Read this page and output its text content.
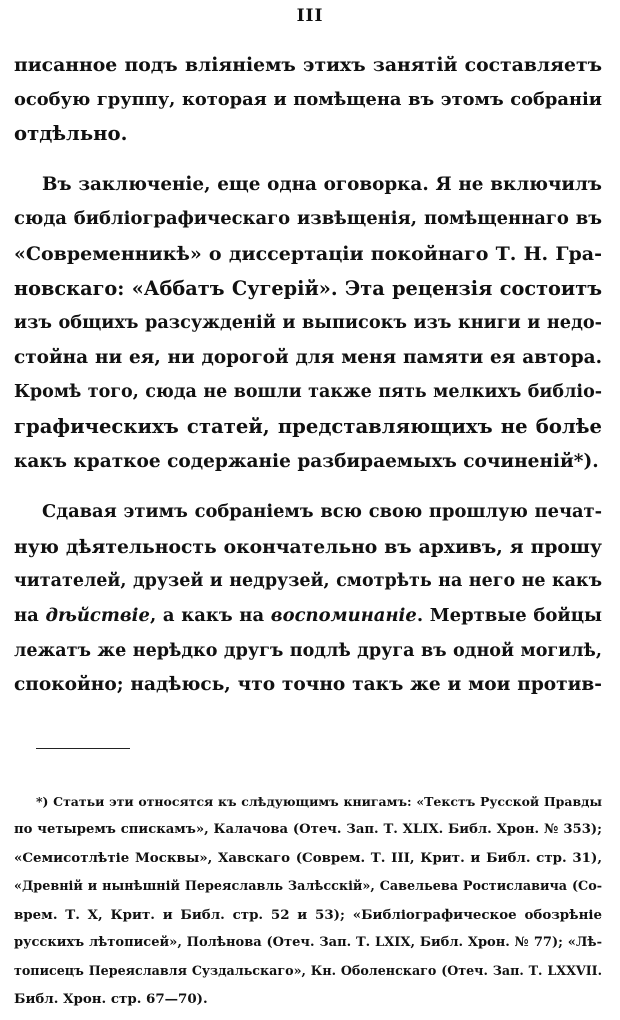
III
писанное подъ вліяніемъ этихъ занятій составляетъ
особую группу, которая и помѣщена въ этомъ собраніи
отдѣльно.
Въ заключеніе, еще одна оговорка. Я не включилъ
сюда библіографическаго извѣщенія, помѣщеннаго въ
«Современникѣ» о диссертаціи покойнаго Т. Н. Гра-
новскаго: «Аббатъ Сугерій». Эта рецензія состоитъ
изъ общихъ разсужденій и выписокъ изъ книги и недо-
стойна ни ея, ни дорогой для меня памяти ея автора.
Кромѣ того, сюда не вошли также пять мелкихъ библіо-
графическихъ статей, представляющихъ не болѣе
какъ краткое содержаніе разбираемыхъ сочиненій*).
Сдавая этимъ собраніемъ всю свою прошлую печат-
ную дѣятельность окончательно въ архивъ, я прошу
читателей, друзей и недрузей, смотрѣть на него не какъ
на дѣйствіе, а какъ на воспоминаніе. Мертвые бойцы
лежатъ же нерѣдко другъ подлѣ друга въ одной могилѣ,
спокойно; надѣюсь, что точно такъ же и мои против-
*) Статьи эти относятся къ слѣдующимъ книгамъ: «Текстъ Русской Правды
по четыремъ спискамъ», Калачова (Отеч. Зап. Т. XLIX. Библ. Хрон. № 353);
«Семисотлѣтіе Москвы», Хавскаго (Соврем. Т. III, Крит. и Библ. стр. 31),
«Древній и нынѣшній Переяславль Залѣсскій», Савельева Ростиславича (Со-
врем. Т. X, Крит. и Библ. стр. 52 и 53); «Библіографическое обозрѣніе
русскихъ лѣтописей», Полѣнова (Отеч. Зап. Т. LXIX, Библ. Хрон. № 77); «Лѣ-
тописецъ Переяславля Суздальскаго», Кн. Оболенскаго (Отеч. Зап. Т. LXXVII.
Библ. Хрон. стр. 67—70).
